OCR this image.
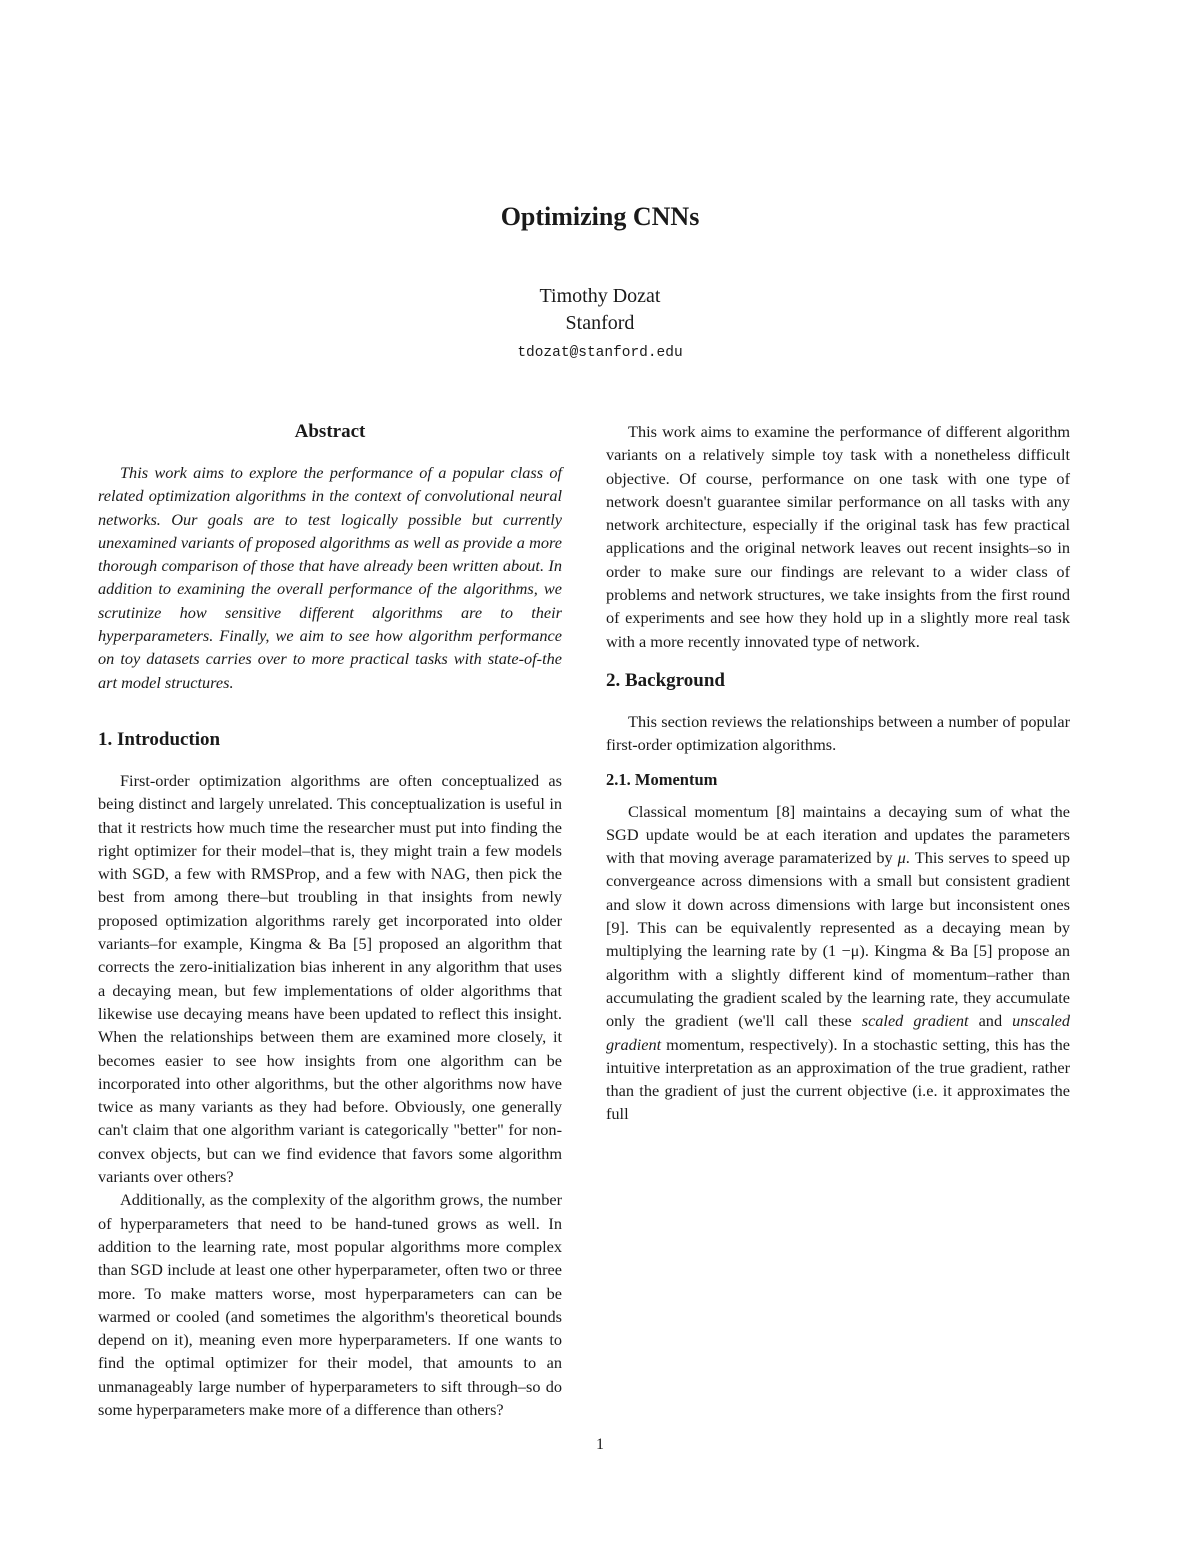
Optimizing CNNs
Timothy Dozat
Stanford
tdozat@stanford.edu
Abstract

This work aims to explore the performance of a popular class of related optimization algorithms in the context of convolutional neural networks. Our goals are to test logically possible but currently unexamined variants of proposed algorithms as well as provide a more thorough comparison of those that have already been written about. In addition to examining the overall performance of the algorithms, we scrutinize how sensitive different algorithms are to their hyperparameters. Finally, we aim to see how algorithm performance on toy datasets carries over to more practical tasks with state-of-the art model structures.

1. Introduction

First-order optimization algorithms are often conceptualized as being distinct and largely unrelated. This conceptualization is useful in that it restricts how much time the researcher must put into finding the right optimizer for their model–that is, they might train a few models with SGD, a few with RMSProp, and a few with NAG, then pick the best from among there–but troubling in that insights from newly proposed optimization algorithms rarely get incorporated into older variants–for example, Kingma & Ba [5] proposed an algorithm that corrects the zero-initialization bias inherent in any algorithm that uses a decaying mean, but few implementations of older algorithms that likewise use decaying means have been updated to reflect this insight. When the relationships between them are examined more closely, it becomes easier to see how insights from one algorithm can be incorporated into other algorithms, but the other algorithms now have twice as many variants as they had before. Obviously, one generally can't claim that one algorithm variant is categorically "better" for non-convex objects, but can we find evidence that favors some algorithm variants over others?

Additionally, as the complexity of the algorithm grows, the number of hyperparameters that need to be hand-tuned grows as well. In addition to the learning rate, most popular algorithms more complex than SGD include at least one other hyperparameter, often two or three more. To make matters worse, most hyperparameters can can be warmed or cooled (and sometimes the algorithm's theoretical bounds depend on it), meaning even more hyperparameters. If one wants to find the optimal optimizer for their model, that amounts to an unmanageably large number of hyperparameters to sift through–so do some hyperparameters make more of a difference than others?

This work aims to examine the performance of different algorithm variants on a relatively simple toy task with a nonetheless difficult objective. Of course, performance on one task with one type of network doesn't guarantee similar performance on all tasks with any network architecture, especially if the original task has few practical applications and the original network leaves out recent insights–so in order to make sure our findings are relevant to a wider class of problems and network structures, we take insights from the first round of experiments and see how they hold up in a slightly more real task with a more recently innovated type of network.

2. Background

This section reviews the relationships between a number of popular first-order optimization algorithms.

2.1. Momentum

Classical momentum [8] maintains a decaying sum of what the SGD update would be at each iteration and updates the parameters with that moving average paramaterized by μ. This serves to speed up convergeance across dimensions with a small but consistent gradient and slow it down across dimensions with large but inconsistent ones [9]. This can be equivalently represented as a decaying mean by multiplying the learning rate by (1 −μ). Kingma & Ba [5] propose an algorithm with a slightly different kind of momentum–rather than accumulating the gradient scaled by the learning rate, they accumulate only the gradient (we'll call these scaled gradient and unscaled gradient momentum, respectively). In a stochastic setting, this has the intuitive interpretation as an approximation of the true gradient, rather than the gradient of just the current objective (i.e. it approximates the full

1
